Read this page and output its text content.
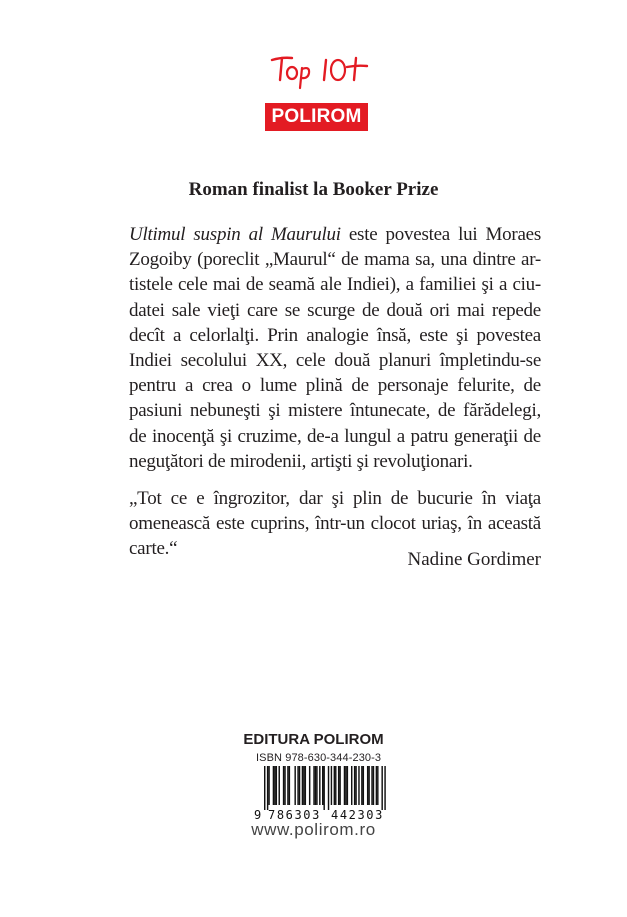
POLIROM
Roman finalist la Booker Prize
Ultimul suspin al Maurului este povestea lui Moraes
Zogoiby (poreclit „Maurul“ de mama sa, una dintre ar-
tistele cele mai de seamă ale Indiei), a familiei şi a ciu-
datei sale vieţi care se scurge de două ori mai repede
decît a celorlalţi. Prin analogie însă, este şi povestea
Indiei secolului XX, cele două planuri împletindu-se
pentru a crea o lume plină de personaje felurite, de
pasiuni nebuneşti şi mistere întunecate, de fărădelegi,
de inocenţă şi cruzime, de-a lungul a patru generaţii de
neguţători de mirodenii, artişti şi revoluţionari.
„Tot ce e îngrozitor, dar şi plin de bucurie în viaţa
omenească este cuprins, într-un clocot uriaş, în această
carte.“
Nadine Gordimer
EDITURA POLIROM
ISBN 978-630-344-230-3
9 786303 442303
www.polirom.ro
